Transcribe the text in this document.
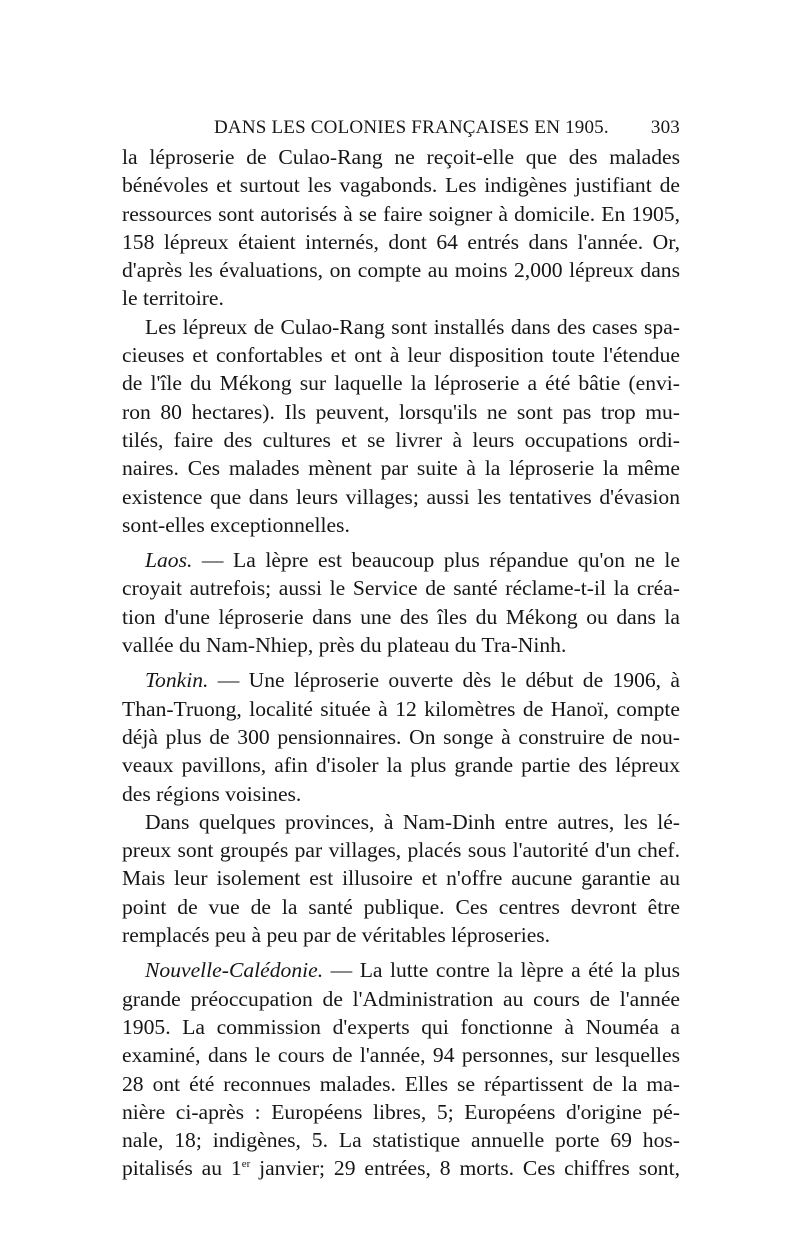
DANS LES COLONIES FRANÇAISES EN 1905. 303

la léproserie de Culao-Rang ne reçoit-elle que des malades
bénévoles et surtout les vagabonds. Les indigènes justifiant de
ressources sont autorisés à se faire soigner à domicile. En 1905,
158 lépreux étaient internés, dont 64 entrés dans l'année. Or,
d'après les évaluations, on compte au moins 2,000 lépreux dans
le territoire.

Les lépreux de Culao-Rang sont installés dans des cases spa-
cieuses et confortables et ont à leur disposition toute l'étendue
de l'île du Mékong sur laquelle la léproserie a été bâtie (envi-
ron 80 hectares). Ils peuvent, lorsqu'ils ne sont pas trop mu-
tilés, faire des cultures et se livrer à leurs occupations ordi-
naires. Ces malades mènent par suite à la léproserie la même
existence que dans leurs villages; aussi les tentatives d'évasion
sont-elles exceptionnelles.

Laos. — La lèpre est beaucoup plus répandue qu'on ne le
croyait autrefois; aussi le Service de santé réclame-t-il la créa-
tion d'une léproserie dans une des îles du Mékong ou dans la
vallée du Nam-Nhiep, près du plateau du Tra-Ninh.

Tonkin. — Une léproserie ouverte dès le début de 1906, à
Than-Truong, localité située à 12 kilomètres de Hanoï, compte
déjà plus de 300 pensionnaires. On songe à construire de nou-
veaux pavillons, afin d'isoler la plus grande partie des lépreux
des régions voisines.

Dans quelques provinces, à Nam-Dinh entre autres, les lé-
preux sont groupés par villages, placés sous l'autorité d'un chef.
Mais leur isolement est illusoire et n'offre aucune garantie au
point de vue de la santé publique. Ces centres devront être
remplacés peu à peu par de véritables léproseries.

Nouvelle-Calédonie. — La lutte contre la lèpre a été la plus
grande préoccupation de l'Administration au cours de l'année
1905. La commission d'experts qui fonctionne à Nouméa a
examiné, dans le cours de l'année, 94 personnes, sur lesquelles
28 ont été reconnues malades. Elles se répartissent de la ma-
nière ci-après : Européens libres, 5; Européens d'origine pé-
nale, 18; indigènes, 5. La statistique annuelle porte 69 hos-
pitalisés au 1er janvier; 29 entrées, 8 morts. Ces chiffres sont,
